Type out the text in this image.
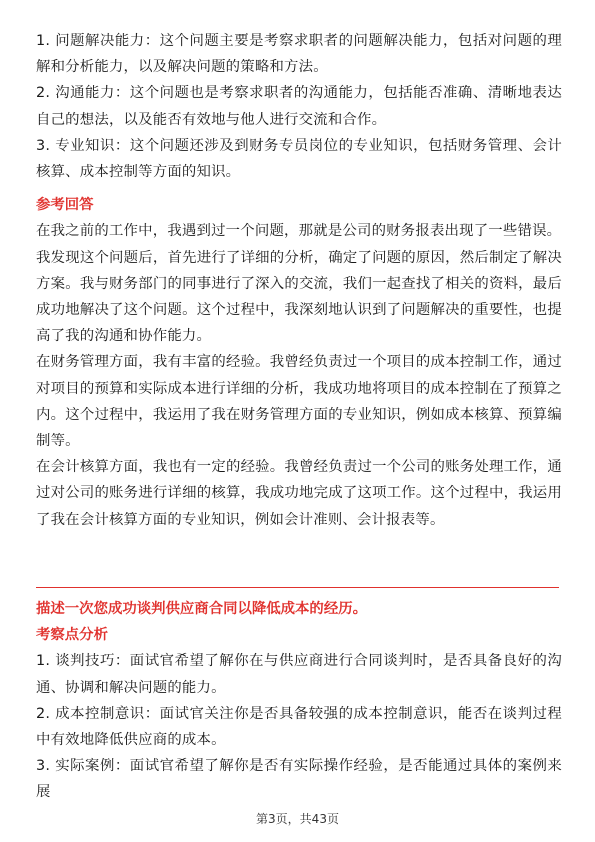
1. 问题解决能力：这个问题主要是考察求职者的问题解决能力，包括对问题的理解和分析能力，以及解决问题的策略和方法。

2. 沟通能力：这个问题也是考察求职者的沟通能力，包括能否准确、清晰地表达自己的想法，以及能否有效地与他人进行交流和合作。

3. 专业知识：这个问题还涉及到财务专员岗位的专业知识，包括财务管理、会计核算、成本控制等方面的知识。

参考回答

在我之前的工作中，我遇到过一个问题，那就是公司的财务报表出现了一些错误。

我发现这个问题后，首先进行了详细的分析，确定了问题的原因，然后制定了解决方案。我与财务部门的同事进行了深入的交流，我们一起查找了相关的资料，最后成功地解决了这个问题。这个过程中，我深刻地认识到了问题解决的重要性，也提高了我的沟通和协作能力。

在财务管理方面，我有丰富的经验。我曾经负责过一个项目的成本控制工作，通过对项目的预算和实际成本进行详细的分析，我成功地将项目的成本控制在了预算之内。这个过程中，我运用了我在财务管理方面的专业知识，例如成本核算、预算编制等。

在会计核算方面，我也有一定的经验。我曾经负责过一个公司的账务处理工作，通过对公司的账务进行详细的核算，我成功地完成了这项工作。这个过程中，我运用了我在会计核算方面的专业知识，例如会计准则、会计报表等。

描述一次您成功谈判供应商合同以降低成本的经历。
考察点分析

1. 谈判技巧：面试官希望了解你在与供应商进行合同谈判时，是否具备良好的沟通、协调和解决问题的能力。

2. 成本控制意识：面试官关注你是否具备较强的成本控制意识，能否在谈判过程中有效地降低供应商的成本。

3. 实际案例：面试官希望了解你是否有实际操作经验，是否能通过具体的案例来展

第3页，共43页
